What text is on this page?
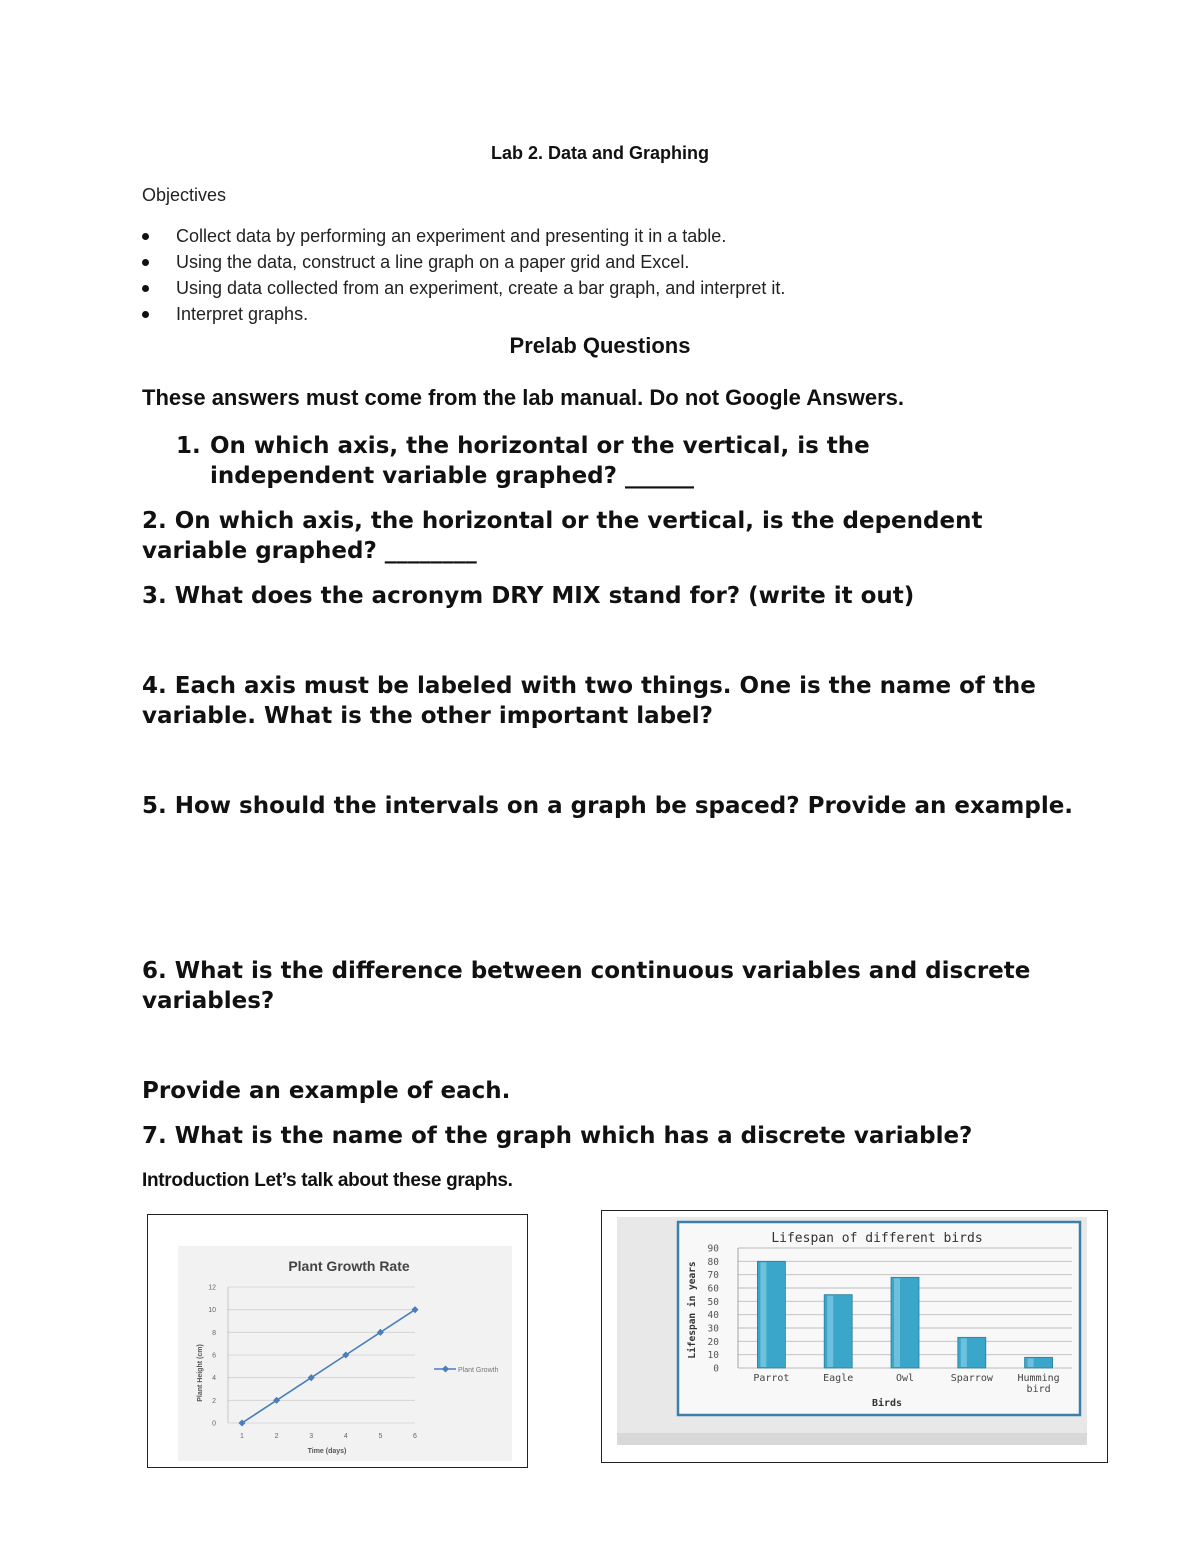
Lab 2. Data and Graphing
Objectives
Collect data by performing an experiment and presenting it in a table.
Using the data, construct a line graph on a paper grid and Excel.
Using data collected from an experiment, create a bar graph, and interpret it.
Interpret graphs.
Prelab Questions
These answers must come from the lab manual. Do not Google Answers.
1. On which axis, the horizontal or the vertical, is the
independent variable graphed? ______
2. On which axis, the horizontal or the vertical, is the dependent variable graphed? ________
3. What does the acronym DRY MIX stand for? (write it out)
4. Each axis must be labeled with two things. One is the name of the variable. What is the other important label?
5. How should the intervals on a graph be spaced? Provide an example.
6. What is the difference between continuous variables and discrete variables?
Provide an example of each.
7. What is the name of the graph which has a discrete variable?
Introduction Let’s talk about these graphs.
Plant Growth Rate
Plant Height (cm)
Time (days)
0
2
4
6
8
10
12
1	2	3	4	5	6
Plant Growth
Lifespan of different birds
Lifespan in years
Birds
0
10
20
30
40
50
60
70
80
90
Parrot	Eagle	Owl	Sparrow Humming
bird
